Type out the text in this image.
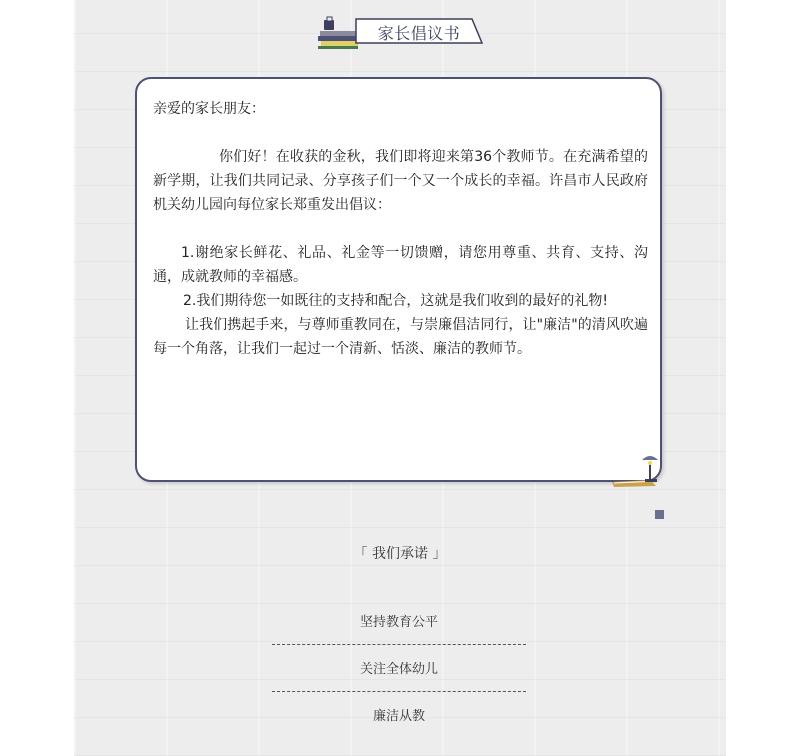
家长倡议书

亲爱的家长朋友：

你们好！在收获的金秋，我们即将迎来第36个教师节。在充满希望的新学期，让我们共同记录、分享孩子们一个又一个成长的幸福。许昌市人民政府机关幼儿园向每位家长郑重发出倡议：

1.谢绝家长鲜花、礼品、礼金等一切馈赠，请您用尊重、共育、支持、沟通，成就教师的幸福感。

2.我们期待您一如既往的支持和配合，这就是我们收到的最好的礼物!

让我们携起手来，与尊师重教同在，与崇廉倡洁同行，让"廉洁"的清风吹遍每一个角落，让我们一起过一个清新、恬淡、廉洁的教师节。

「 我们承诺 」
坚持教育公平
关注全体幼儿
廉洁从教
